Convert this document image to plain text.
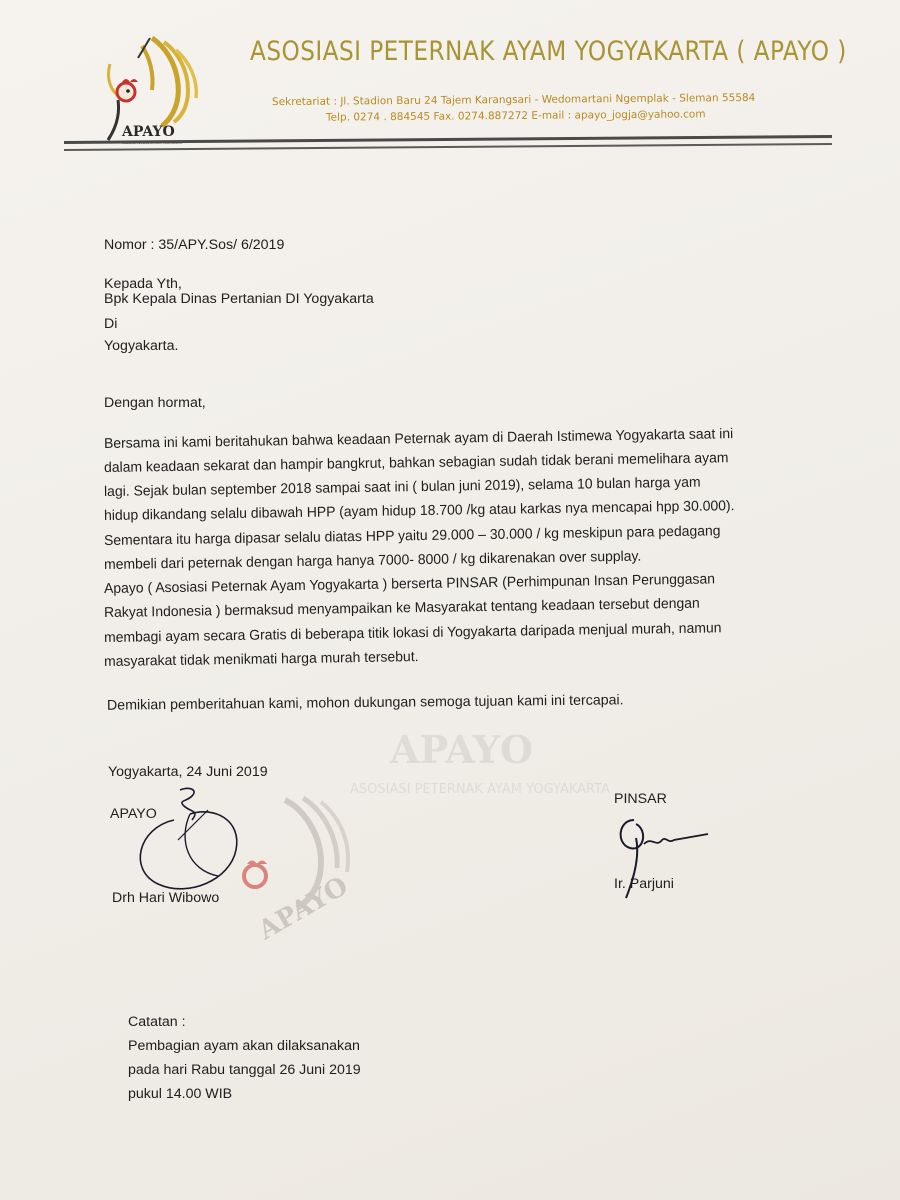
APAYO
ASOSIASI PETERNAK AYAM YOGYAKARTA ( APAYO )
Sekretariat : Jl. Stadion Baru 24 Tajem Karangsari - Wedomartani Ngemplak - Sleman 55584
Telp. 0274 . 884545 Fax. 0274.887272 E-mail : apayo_jogja@yahoo.com
APAYO
ASOSIASI PETERNAK AYAM YOGYAKARTA
Nomor : 35/APY.Sos/ 6/2019
Kepada Yth,
Bpk Kepala Dinas Pertanian DI Yogyakarta
Di
Yogyakarta.
Dengan hormat,
Bersama ini kami beritahukan bahwa keadaan Peternak ayam di Daerah Istimewa Yogyakarta saat ini
dalam keadaan sekarat dan hampir bangkrut, bahkan sebagian sudah tidak berani memelihara ayam
lagi. Sejak bulan september 2018 sampai saat ini ( bulan juni 2019), selama 10 bulan harga yam
hidup dikandang selalu dibawah HPP (ayam hidup 18.700 /kg atau karkas nya mencapai hpp 30.000).
Sementara itu harga dipasar selalu diatas HPP yaitu 29.000 – 30.000 / kg meskipun para pedagang
membeli dari peternak dengan harga hanya 7000- 8000 / kg dikarenakan over supplay.
Apayo ( Asosiasi Peternak Ayam Yogyakarta ) berserta PINSAR (Perhimpunan Insan Perunggasan
Rakyat Indonesia ) bermaksud menyampaikan ke Masyarakat tentang keadaan tersebut dengan
membagi ayam secara Gratis di beberapa titik lokasi di Yogyakarta daripada menjual murah, namun
masyarakat tidak menikmati harga murah tersebut.
Demikian pemberitahuan kami, mohon dukungan semoga tujuan kami ini tercapai.
Yogyakarta, 24 Juni 2019
APAYO
Drh Hari Wibowo APAYO
PINSAR
Ir. Parjuni
Catatan :
Pembagian ayam akan dilaksanakan
pada hari Rabu tanggal 26 Juni 2019
pukul 14.00 WIB
